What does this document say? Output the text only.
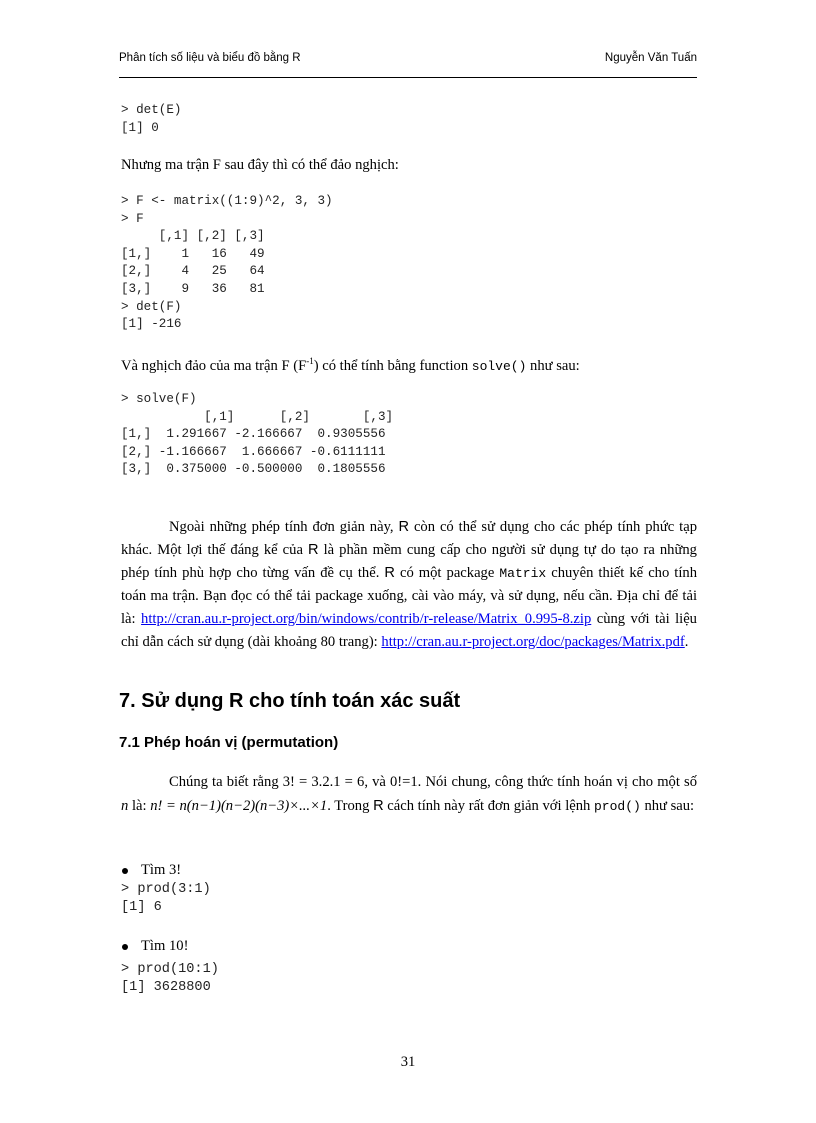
Phân tích số liệu và biểu đồ bằng R	Nguyễn Văn Tuấn
> det(E)
[1] 0

Nhưng ma trận F sau đây thì có thể đảo nghịch:

> F <- matrix((1:9)^2, 3, 3)
> F
[,1] [,2] [,3]
[1,]    1   16   49
[2,]    4   25   64
[3,]    9   36   81
> det(F)
[1] -216

Và nghịch đảo của ma trận F $(F^{-1})$ có thể tính bằng function solve() như sau:

> solve(F)
[,1]      [,2]       [,3]
[1,]  1.291667 -2.166667  0.9305556
[2,] -1.166667  1.666667 -0.6111111
[3,]  0.375000 -0.500000  0.1805556

Ngoài những phép tính đơn giản này, R còn có thể sử dụng cho các phép tính phức tạp khác. Một lợi thế đáng kể của R là phần mềm cung cấp cho người sử dụng tự do tạo ra những phép tính phù hợp cho từng vấn đề cụ thể. R có một package Matrix chuyên thiết kế cho tính toán ma trận. Bạn đọc có thể tải package xuống, cài vào máy, và sử dụng, nếu cần. Địa chỉ để tải là: http://cran.au.r-project.org/bin/windows/contrib/r-release/Matrix_0.995-8.zip cùng với tài liệu chỉ dẫn cách sử dụng (dài khoảng 80 trang): http://cran.au.r-project.org/doc/packages/Matrix.pdf.

7. Sử dụng R cho tính toán xác suất
7.1 Phép hoán vị (permutation)

Chúng ta biết rằng 3! = 3.2.1 = 6, và 0!=1. Nói chung, công thức tính hoán vị cho một số n là: n! = n(n−1)(n−2)(n−3)×...×1. Trong R cách tính này rất đơn giản với lệnh prod() như sau:

Tìm 3!
> prod(3:1)
[1] 6
Tìm 10!
> prod(10:1)
[1] 3628800
31
